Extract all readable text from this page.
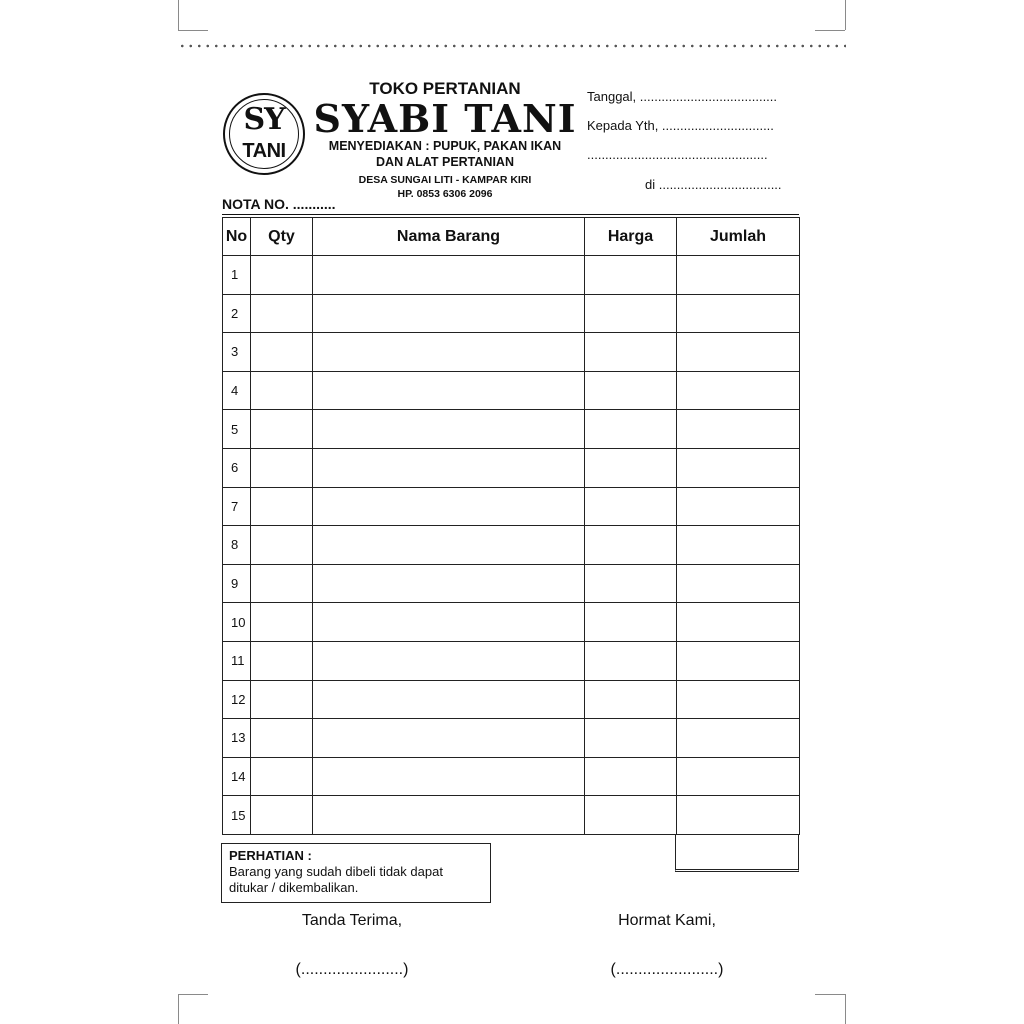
SY
TANI
TOKO PERTANIAN
SYABI TANI
MENYEDIAKAN : PUPUK, PAKAN IKAN
DAN ALAT PERTANIAN
DESA SUNGAI LITI - KAMPAR KIRI
HP. 0853 6306 2096
Tanggal, ......................................
Kepada Yth, ...............................
..................................................
di ..................................
NOTA NO. ...........
No	Qty	Nama Barang	Harga	Jumlah
1				
2				
3				
4				
5				
6				
7				
8				
9				
10				
11				
12				
13				
14				
15				
PERHATIAN :
Barang yang sudah dibeli tidak dapat ditukar / dikembalikan.
Tanda Terima,	Hormat Kami,
(.......................)	(.......................)
